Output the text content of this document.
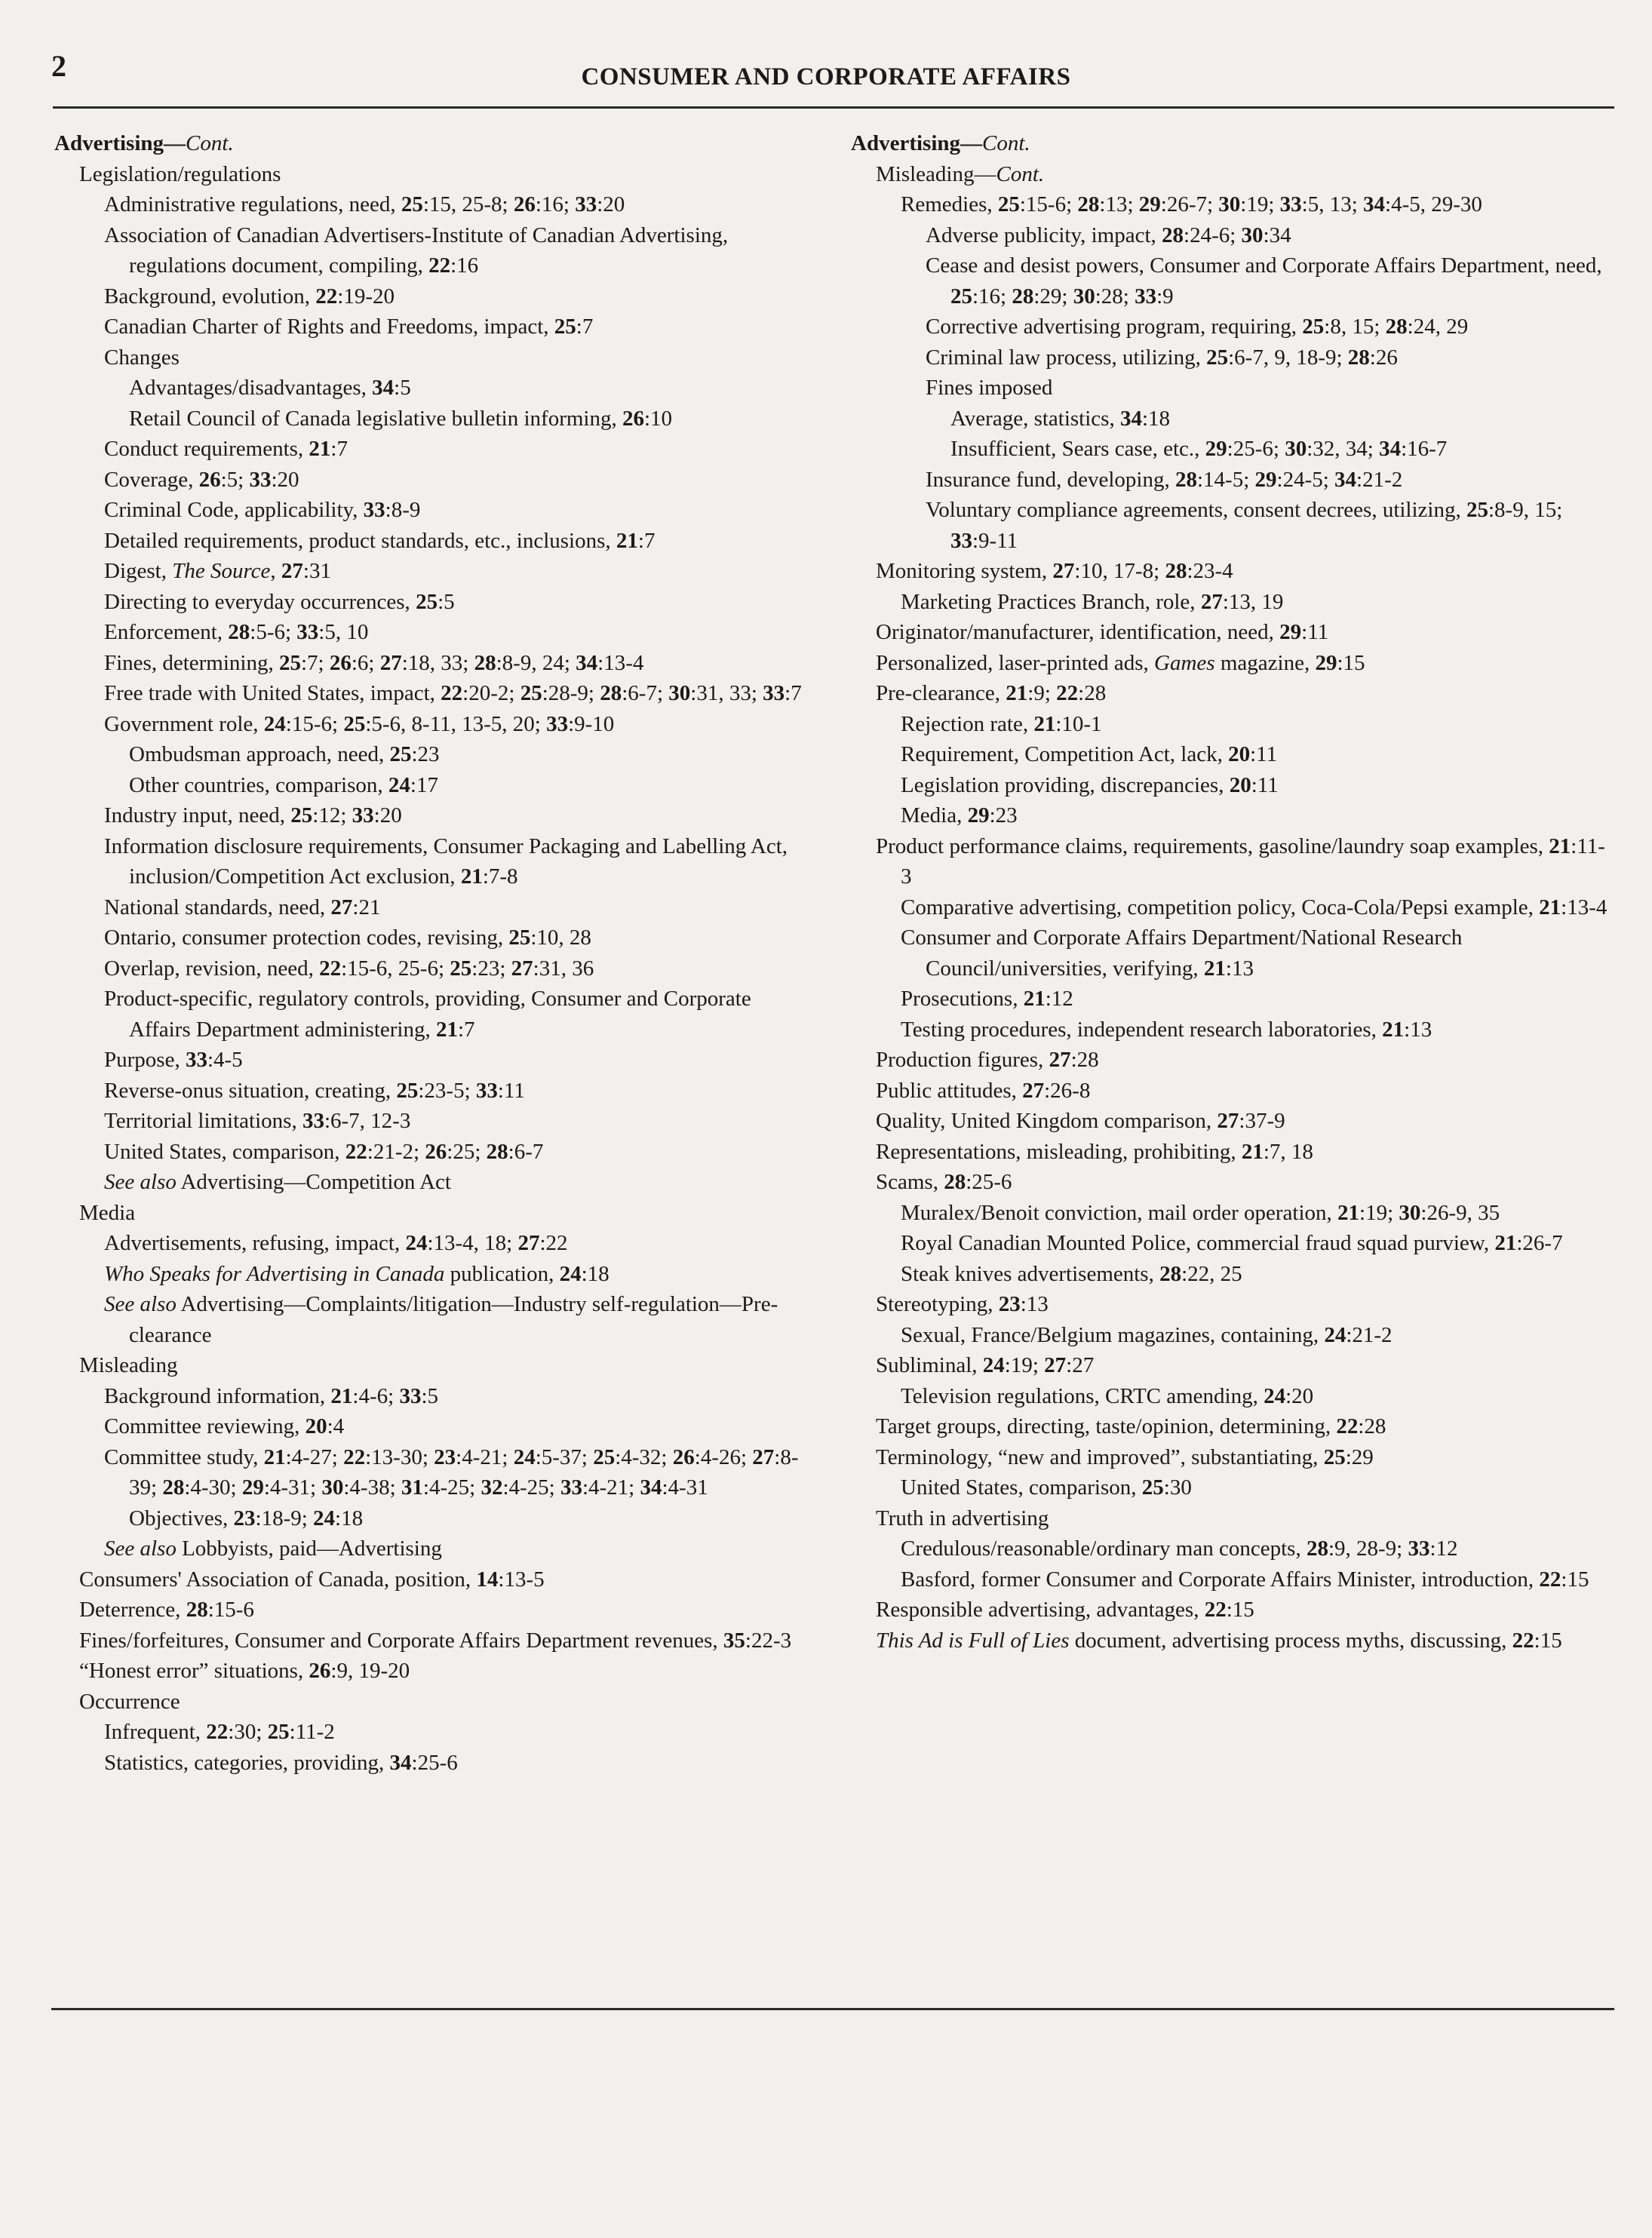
2	CONSUMER AND CORPORATE AFFAIRS

Advertising—Cont.

Legislation/regulations

Administrative regulations, need, 25:15, 25-8; 26:16; 33:20

Association of Canadian Advertisers-Institute of Canadian Advertising, regulations document, compiling, 22:16

Background, evolution, 22:19-20

Canadian Charter of Rights and Freedoms, impact, 25:7

Changes

Advantages/disadvantages, 34:5

Retail Council of Canada legislative bulletin informing, 26:10

Conduct requirements, 21:7

Coverage, 26:5; 33:20

Criminal Code, applicability, 33:8-9

Detailed requirements, product standards, etc., inclusions, 21:7

Digest, The Source, 27:31

Directing to everyday occurrences, 25:5

Enforcement, 28:5-6; 33:5, 10

Fines, determining, 25:7; 26:6; 27:18, 33; 28:8-9, 24; 34:13-4

Free trade with United States, impact, 22:20-2; 25:28-9; 28:6-7; 30:31, 33; 33:7

Government role, 24:15-6; 25:5-6, 8-11, 13-5, 20; 33:9-10

Ombudsman approach, need, 25:23

Other countries, comparison, 24:17

Industry input, need, 25:12; 33:20

Information disclosure requirements, Consumer Packaging and Labelling Act, inclusion/Competition Act exclusion, 21:7-8

National standards, need, 27:21

Ontario, consumer protection codes, revising, 25:10, 28

Overlap, revision, need, 22:15-6, 25-6; 25:23; 27:31, 36

Product-specific, regulatory controls, providing, Consumer and Corporate Affairs Department administering, 21:7

Purpose, 33:4-5

Reverse-onus situation, creating, 25:23-5; 33:11

Territorial limitations, 33:6-7, 12-3

United States, comparison, 22:21-2; 26:25; 28:6-7

See also Advertising—Competition Act

Media

Advertisements, refusing, impact, 24:13-4, 18; 27:22

Who Speaks for Advertising in Canada publication, 24:18

See also Advertising—Complaints/litigation—Industry self-regulation—Pre-clearance

Misleading

Background information, 21:4-6; 33:5

Committee reviewing, 20:4

Committee study, 21:4-27; 22:13-30; 23:4-21; 24:5-37; 25:4-32; 26:4-26; 27:8-39; 28:4-30; 29:4-31; 30:4-38; 31:4-25; 32:4-25; 33:4-21; 34:4-31

Objectives, 23:18-9; 24:18

See also Lobbyists, paid—Advertising

Consumers' Association of Canada, position, 14:13-5

Deterrence, 28:15-6

Fines/forfeitures, Consumer and Corporate Affairs Department revenues, 35:22-3

“Honest error” situations, 26:9, 19-20

Occurrence

Infrequent, 22:30; 25:11-2

Statistics, categories, providing, 34:25-6

Advertising—Cont.

Misleading—Cont.

Remedies, 25:15-6; 28:13; 29:26-7; 30:19; 33:5, 13; 34:4-5, 29-30

Adverse publicity, impact, 28:24-6; 30:34

Cease and desist powers, Consumer and Corporate Affairs Department, need, 25:16; 28:29; 30:28; 33:9

Corrective advertising program, requiring, 25:8, 15; 28:24, 29

Criminal law process, utilizing, 25:6-7, 9, 18-9; 28:26

Fines imposed

Average, statistics, 34:18

Insufficient, Sears case, etc., 29:25-6; 30:32, 34; 34:16-7

Insurance fund, developing, 28:14-5; 29:24-5; 34:21-2

Voluntary compliance agreements, consent decrees, utilizing, 25:8-9, 15; 33:9-11

Monitoring system, 27:10, 17-8; 28:23-4

Marketing Practices Branch, role, 27:13, 19

Originator/manufacturer, identification, need, 29:11

Personalized, laser-printed ads, Games magazine, 29:15

Pre-clearance, 21:9; 22:28

Rejection rate, 21:10-1

Requirement, Competition Act, lack, 20:11

Legislation providing, discrepancies, 20:11

Media, 29:23

Product performance claims, requirements, gasoline/laundry soap examples, 21:11-3

Comparative advertising, competition policy, Coca-Cola/Pepsi example, 21:13-4

Consumer and Corporate Affairs Department/National Research Council/universities, verifying, 21:13

Prosecutions, 21:12

Testing procedures, independent research laboratories, 21:13

Production figures, 27:28

Public attitudes, 27:26-8

Quality, United Kingdom comparison, 27:37-9

Representations, misleading, prohibiting, 21:7, 18

Scams, 28:25-6

Muralex/Benoit conviction, mail order operation, 21:19; 30:26-9, 35

Royal Canadian Mounted Police, commercial fraud squad purview, 21:26-7

Steak knives advertisements, 28:22, 25

Stereotyping, 23:13

Sexual, France/Belgium magazines, containing, 24:21-2

Subliminal, 24:19; 27:27

Television regulations, CRTC amending, 24:20

Target groups, directing, taste/opinion, determining, 22:28

Terminology, “new and improved”, substantiating, 25:29

United States, comparison, 25:30

Truth in advertising

Credulous/reasonable/ordinary man concepts, 28:9, 28-9; 33:12

Basford, former Consumer and Corporate Affairs Minister, introduction, 22:15

Responsible advertising, advantages, 22:15

This Ad is Full of Lies document, advertising process myths, discussing, 22:15
